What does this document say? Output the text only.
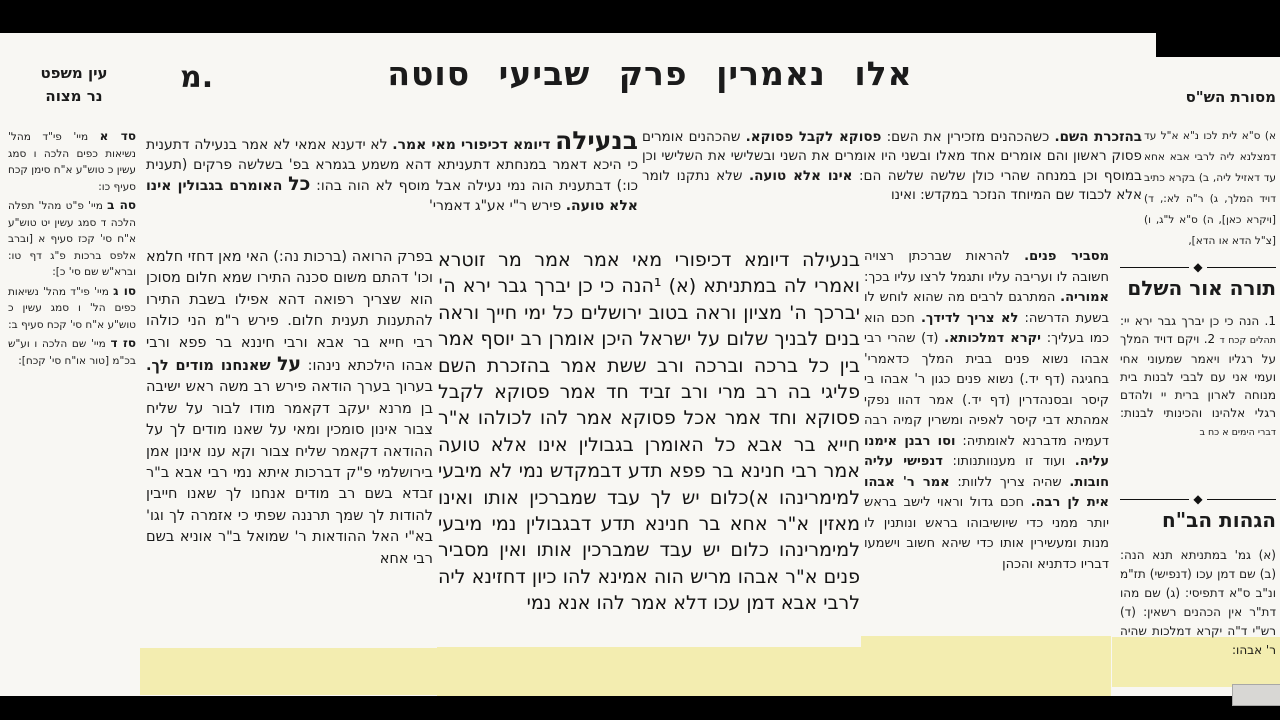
עין משפט
נר מצוה
מ.	אלו נאמרין פרק שביעי סוטה
מסורת הש"ס

סד א מיי' פי"ד מהל' נשיאות כפים הלכה ו סמג עשין כ טוש"ע א"ח סימן קכח סעיף כו:

סה ב מיי' פ"ט מהל' תפלה הלכה ד סמג עשין יט טוש"ע א"ח סי' קכז סעיף א [וברב אלפס ברכות פ"ג דף טו: וברא"ש שם סי' כ]:

סו ג מיי' פי"ד מהל' נשיאות כפים הל' ו סמג עשין כ טוש"ע א"ח סי' קכח סעיף ב:

סז ד מיי' שם הלכה ו וע"ש בכ"מ [טור או"ח סי' קכח]:

בנעילה דיומא דכיפורי מאי אמר. לא ידענא אמאי לא אמר בנעילה דתענית כי היכא דאמר במנחתא דתעניתא דהא משמע בגמרא בפ' בשלשה פרקים (תענית כו:) דבתענית הוה נמי נעילה אבל מוסף לא הוה בהו: כל האומרם בגבולין אינו אלא טועה. פירש ר"י אע"ג דאמרי'
בפרק הרואה (ברכות נה:) האי מאן דחזי חלמא וכו' דהתם משום סכנה התירו שמא חלום מסוכן הוא שצריך רפואה דהא אפילו בשבת התירו להתענות תענית חלום. פירש ר"מ הני כולהו רבי חייא בר אבא ורבי חיננא בר פפא ורבי אבהו הילכתא נינהו: על שאנחנו מודים לך. בערוך בערך הודאה פירש רב משה ראש ישיבה בן מרנא יעקב דקאמר מודו לבור על שליח צבור אינון סומכין ומאי על שאנו מודים לך על ההודאה דקאמר שליח צבור וקא ענו אינון אמן בירושלמי פ"ק דברכות איתא נמי רבי אבא ב"ר זבדא בשם רב מודים אנחנו לך שאנו חייבין להודות לך שמך תרננה שפתי כי אזמרה לך וגו' בא"י האל ההודאות ר' שמואל ב"ר אוניא בשם רבי אחא
בנעילה דיומא דכיפורי מאי אמר אמר מר זוטרא ואמרי לה במתניתא (א) ¹הנה כי כן יברך גבר ירא ה' יברכך ה' מציון וראה בטוב ירושלים כל ימי חייך וראה בנים לבניך שלום על ישראל היכן אומרן רב יוסף אמר בין כל ברכה וברכה ורב ששת אמר בהזכרת השם פליגי בה רב מרי ורב זביד חד אמר פסוקא לקבל פסוקא וחד אמר אכל פסוקא אמר להו לכולהו א"ר חייא בר אבא כל האומרן בגבולין אינו אלא טועה אמר רבי חנינא בר פפא תדע דבמקדש נמי לא מיבעי למימרינהו א)כלום יש לך עבד שמברכין אותו ואינו מאזין א"ר אחא בר חנינא תדע דבגבולין נמי מיבעי למימרינהו כלום יש עבד שמברכין אותו ואין מסביר פנים א"ר אבהו מריש הוה אמינא להו כיון דחזינא ליה לרבי אבא דמן עכו דלא אמר להו אנא נמי
בהזכרת השם. כשהכהנים מזכירין את השם: פסוקא לקבל פסוקא. שהכהנים אומרים פסוק ראשון והם אומרים אחד מאלו ובשני היו אומרים את השני ובשלישי את השלישי וכן במוסף וכן במנחה שהרי כולן שלשה שלשה הם: אינו אלא טועה. שלא נתקנו לומר אלא לכבוד שם המיוחד הנזכר במקדש: ואינו
מסביר פנים. להראות שברכתן רצויה חשובה לו ועריבה עליו ותגמל לרצו עליו בכך: אמוריה. המתרגם לרבים מה שהוא לוחש לו בשעת הדרשה: לא צריך לדידך. חכם הוא כמו בעליך: יקרא דמלכותא. (ד) שהרי רבי אבהו נשוא פנים בבית המלך כדאמרי' בחגיגה (דף יד.) נשוא פנים כגון ר' אבהו בי קיסר ובסנהדרין (דף יד.) אמר דהוו נפקי אמהתא דבי קיסר לאפיה ומשרין קמיה רבה דעמיה מדברנא לאומתיה: וסו רבנן אימנו עליה. ועוד זו מענוותנותו: דנפישי עליה חובות. שהיה צריך ללוות: אמר ר' אבהו אית לן רבה. חכם גדול וראוי לישב בראש יותר ממני כדי שיושיבוהו בראש ונותנין לו מנות ומעשירין אותו כדי שיהא חשוב וישמעו דבריו כדתניא והכהן
א) ס"א לית לכו נ"א א"ל עד דמצלנא ליה לרבי אבא אחא עד דאזיל ליה, ב) בקרא כתיב דויד המלך, ג) ר"ה לא:, ד) [ויקרא כאן], ה) ס"א ל"ג, ו) [צ"ל הדא או הדא],
◆
תורה אור השלם
1. הנה כי כן יברך גבר ירא יי: תהלים קכח ד 2. ויקם דויד המלך על רגליו ויאמר שמעוני אחי ועמי אני עם לבבי לבנות בית מנוחה לארון ברית יי ולהדם רגלי אלהינו והכינותי לבנות: דברי הימים א כח ב
◆
הגהות הב"ח
(א) גמ' במתניתא תנא הנה: (ב) שם דמן עכו (דנפישי) תז"מ ונ"ב ס"א דתפיסי: (ג) שם מהו דת"ר אין הכהנים רשאין: (ד) רש"י ד"ה יקרא דמלכות שהיה ר' אבהו:
